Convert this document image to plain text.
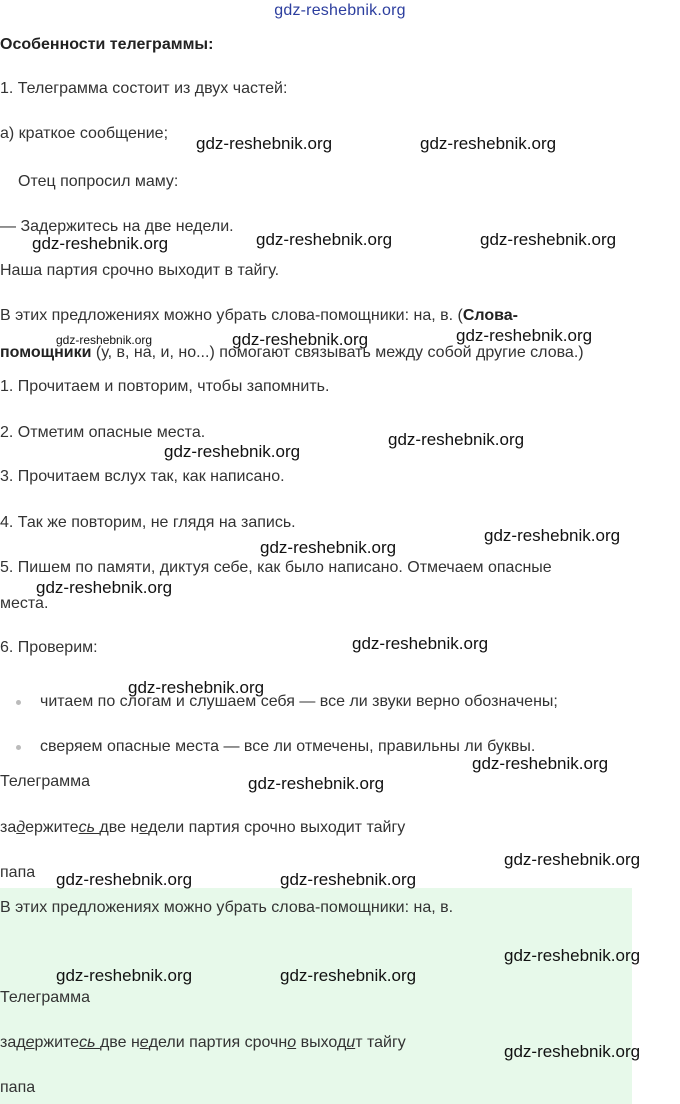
gdz-reshebnik.org
Особенности телеграммы:
1. Телеграмма состоит из двух частей:
а) краткое сообщение;
Отец попросил маму:
— Задержитесь на две недели.
Наша партия срочно выходит в тайгу.
В этих предложениях можно убрать слова-помощники: на, в. (Слова-
помощники (у, в, на, и, но...) помогают связывать между собой другие слова.)
1. Прочитаем и повторим, чтобы запомнить.
2. Отметим опасные места.
3. Прочитаем вслух так, как написано.
4. Так же повторим, не глядя на запись.
5. Пишем по памяти, диктуя себе, как было написано. Отмечаем опасные
места.
6. Проверим:
читаем по слогам и слушаем себя — все ли звуки верно обозначены;
сверяем опасные места — все ли отмечены, правильны ли буквы.
Телеграмма
задержитесь две недели партия срочно выходит тайгу
папа
В этих предложениях можно убрать слова-помощники: на, в.
Телеграмма
задержитесь две недели партия срочно выходит тайгу
папа
gdz-reshebnik.org	gdz-reshebnik.org
gdz-reshebnik.org	gdz-reshebnik.org	gdz-reshebnik.org
gdz-reshebnik.org	gdz-reshebnik.org	gdz-reshebnik.org
gdz-reshebnik.org
gdz-reshebnik.org
gdz-reshebnik.org
gdz-reshebnik.org
gdz-reshebnik.org
gdz-reshebnik.org
gdz-reshebnik.org
gdz-reshebnik.org
gdz-reshebnik.org
gdz-reshebnik.org
gdz-reshebnik.org	gdz-reshebnik.org
gdz-reshebnik.org
gdz-reshebnik.org	gdz-reshebnik.org
gdz-reshebnik.org
